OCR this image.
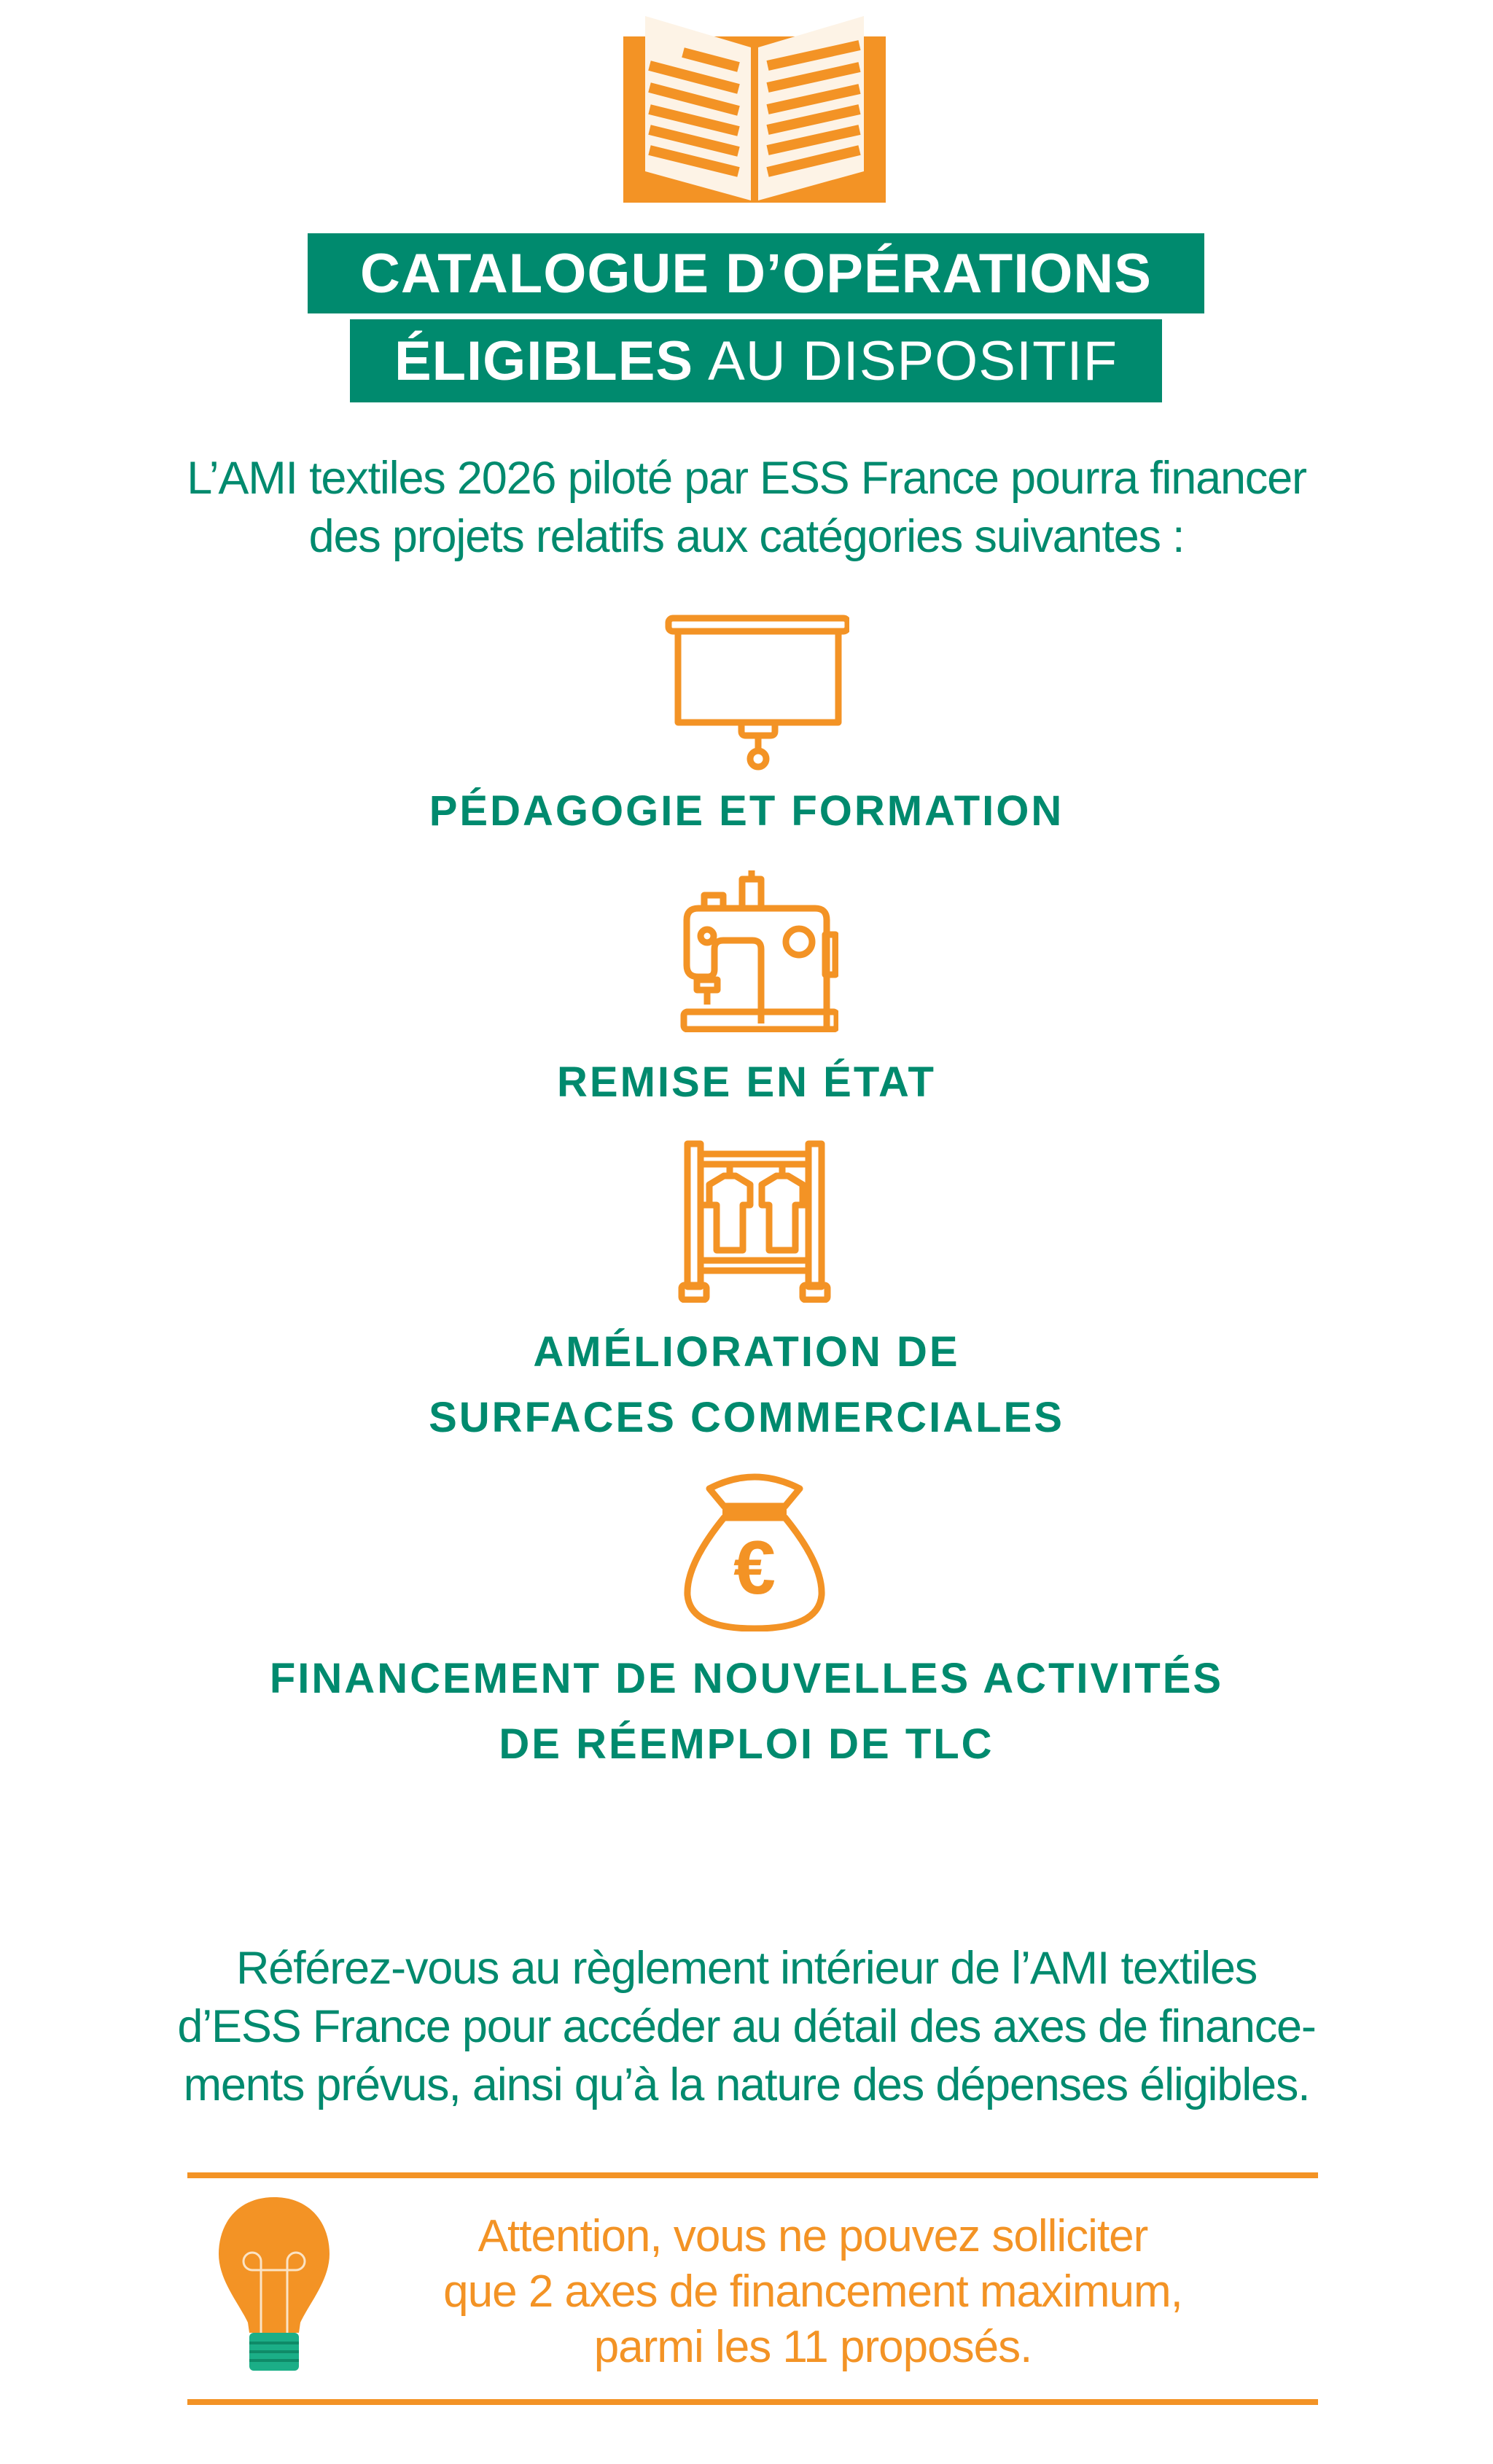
CATALOGUE D’OPÉRATIONS
ÉLIGIBLES AU DISPOSITIF
L’AMI textiles 2026 piloté par ESS France pourra financer
des projets relatifs aux catégories suivantes :
PÉDAGOGIE ET FORMATION
REMISE EN ÉTAT
AMÉLIORATION DE
SURFACES COMMERCIALES
€
FINANCEMENT DE NOUVELLES ACTIVITÉS
DE RÉEMPLOI DE TLC
Référez-vous au règlement intérieur de l’AMI textiles
d’ESS France pour accéder au détail des axes de finance-
ments prévus, ainsi qu’à la nature des dépenses éligibles.
Attention, vous ne pouvez solliciter
que 2 axes de financement maximum,
parmi les 11 proposés.
